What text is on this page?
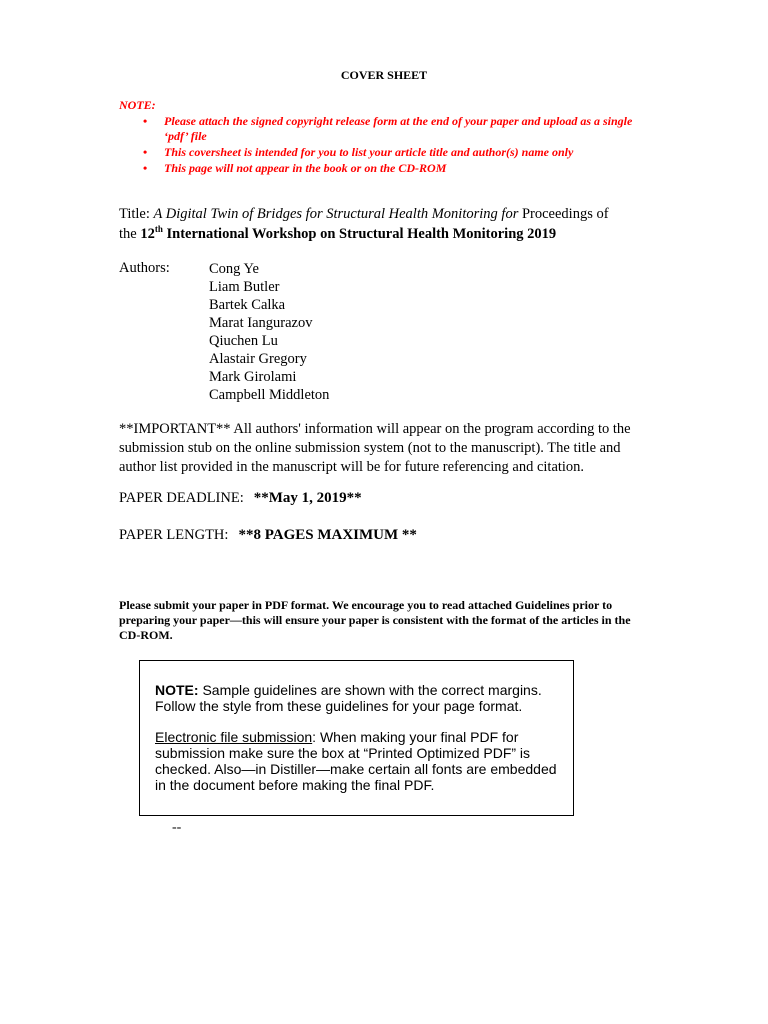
COVER SHEET
NOTE:
• Please attach the signed copyright release form at the end of your paper and upload as a single ‘pdf’ file
• This coversheet is intended for you to list your article title and author(s) name only
• This page will not appear in the book or on the CD-ROM
Title: A Digital Twin of Bridges for Structural Health Monitoring for Proceedings of
the 12th International Workshop on Structural Health Monitoring 2019
Authors:	Cong Ye
Liam Butler
Bartek Calka
Marat Iangurazov
Qiuchen Lu
Alastair Gregory
Mark Girolami
Campbell Middleton
**IMPORTANT** All authors' information will appear on the program according to the submission stub on the online submission system (not to the manuscript). The title and author list provided in the manuscript will be for future referencing and citation.
PAPER DEADLINE: **May 1, 2019**
PAPER LENGTH: **8 PAGES MAXIMUM **
Please submit your paper in PDF format. We encourage you to read attached Guidelines prior to preparing your paper—this will ensure your paper is consistent with the format of the articles in the CD-ROM.

NOTE: Sample guidelines are shown with the correct margins. Follow the style from these guidelines for your page format.

Electronic file submission: When making your final PDF for submission make sure the box at “Printed Optimized PDF” is checked. Also—in Distiller—make certain all fonts are embedded in the document before making the final PDF.

--
